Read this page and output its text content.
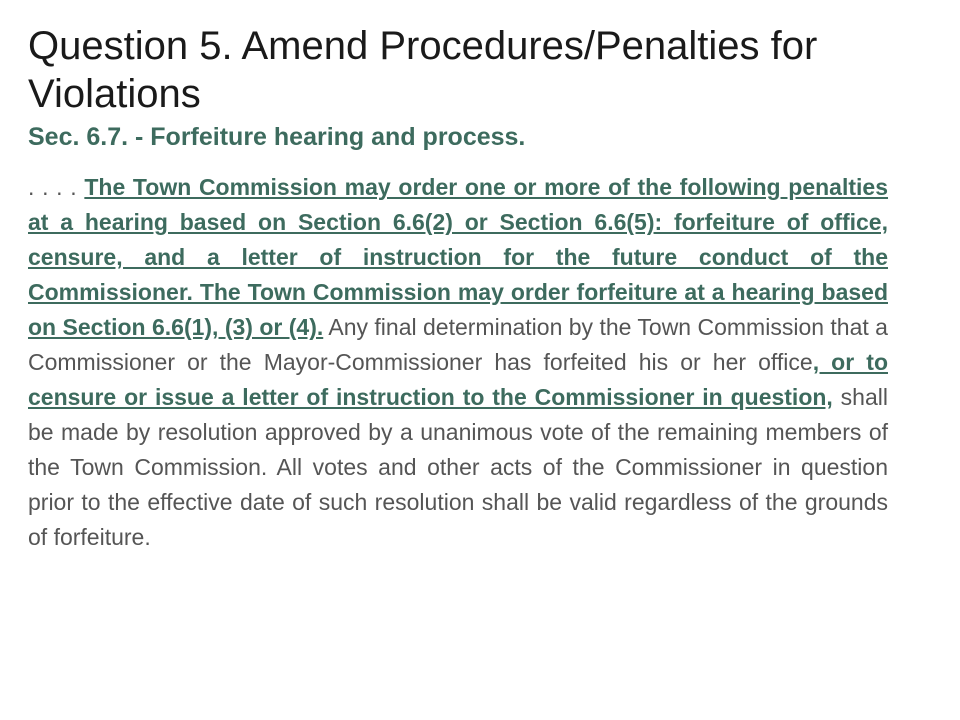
Question 5. Amend Procedures/Penalties for Violations
Sec. 6.7. - Forfeiture hearing and process.

. . . . The Town Commission may order one or more of the following penalties at a hearing based on Section 6.6(2) or Section 6.6(5): forfeiture of office, censure, and a letter of instruction for the future conduct of the Commissioner. The Town Commission may order forfeiture at a hearing based on Section 6.6(1), (3) or (4). Any final determination by the Town Commission that a Commissioner or the Mayor-Commissioner has forfeited his or her office, or to censure or issue a letter of instruction to the Commissioner in question, shall be made by resolution approved by a unanimous vote of the remaining members of the Town Commission. All votes and other acts of the Commissioner in question prior to the effective date of such resolution shall be valid regardless of the grounds of forfeiture.
